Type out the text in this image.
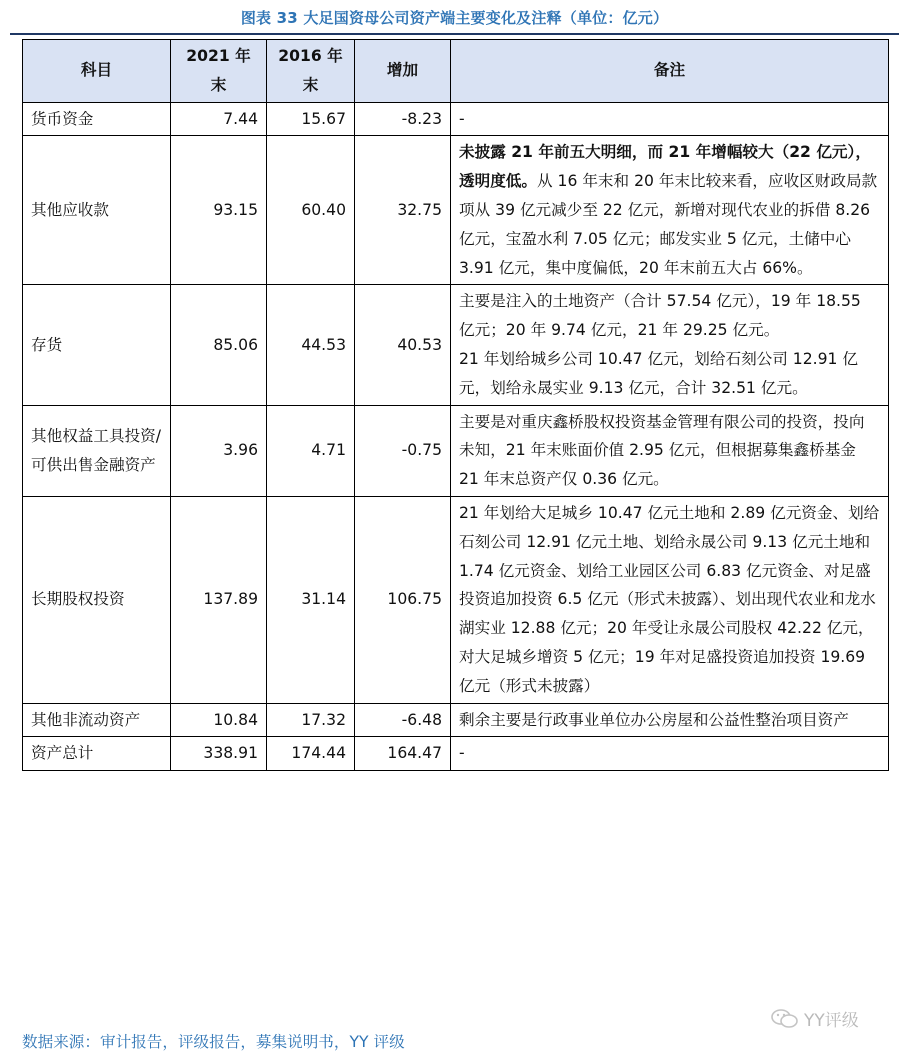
图表 33 大足国资母公司资产端主要变化及注释（单位：亿元）
科目	2021 年末	2016 年末	增加	备注
货币资金	7.44	15.67	-8.23	-
其他应收款	93.15	60.40	32.75	未披露 21 年前五大明细，而 21 年增幅较大（22 亿元），透明度低。从 16 年末和 20 年末比较来看，应收区财政局款项从 39 亿元减少至 22 亿元，新增对现代农业的拆借 8.26 亿元，宝盈水利 7.05 亿元；邮发实业 5 亿元，土储中心 3.91 亿元，集中度偏低，20 年末前五大占 66%。
存货	85.06	44.53	40.53	主要是注入的土地资产（合计 57.54 亿元），19 年 18.55 亿元；20 年 9.74 亿元，21 年 29.25 亿元。
21 年划给城乡公司 10.47 亿元，划给石刻公司 12.91 亿元，划给永晟实业 9.13 亿元，合计 32.51 亿元。

其他权益工具投资/可供出售金融资产	3.96	4.71	-0.75	主要是对重庆鑫桥股权投资基金管理有限公司的投资，投向未知，21 年末账面价值 2.95 亿元，但根据募集鑫桥基金 21 年末总资产仅 0.36 亿元。
长期股权投资	137.89	31.14	106.75	21 年划给大足城乡 10.47 亿元土地和 2.89 亿元资金、划给石刻公司 12.91 亿元土地、划给永晟公司 9.13 亿元土地和 1.74 亿元资金、划给工业园区公司 6.83 亿元资金、对足盛投资追加投资 6.5 亿元（形式未披露）、划出现代农业和龙水湖实业 12.88 亿元；20 年受让永晟公司股权 42.22 亿元，对大足城乡增资 5 亿元；19 年对足盛投资追加投资 19.69 亿元（形式未披露）
其他非流动资产	10.84	17.32	-6.48	剩余主要是行政事业单位办公房屋和公益性整治项目资产
资产总计	338.91	174.44	164.47	-
YY评级
数据来源：审计报告，评级报告，募集说明书，YY 评级
